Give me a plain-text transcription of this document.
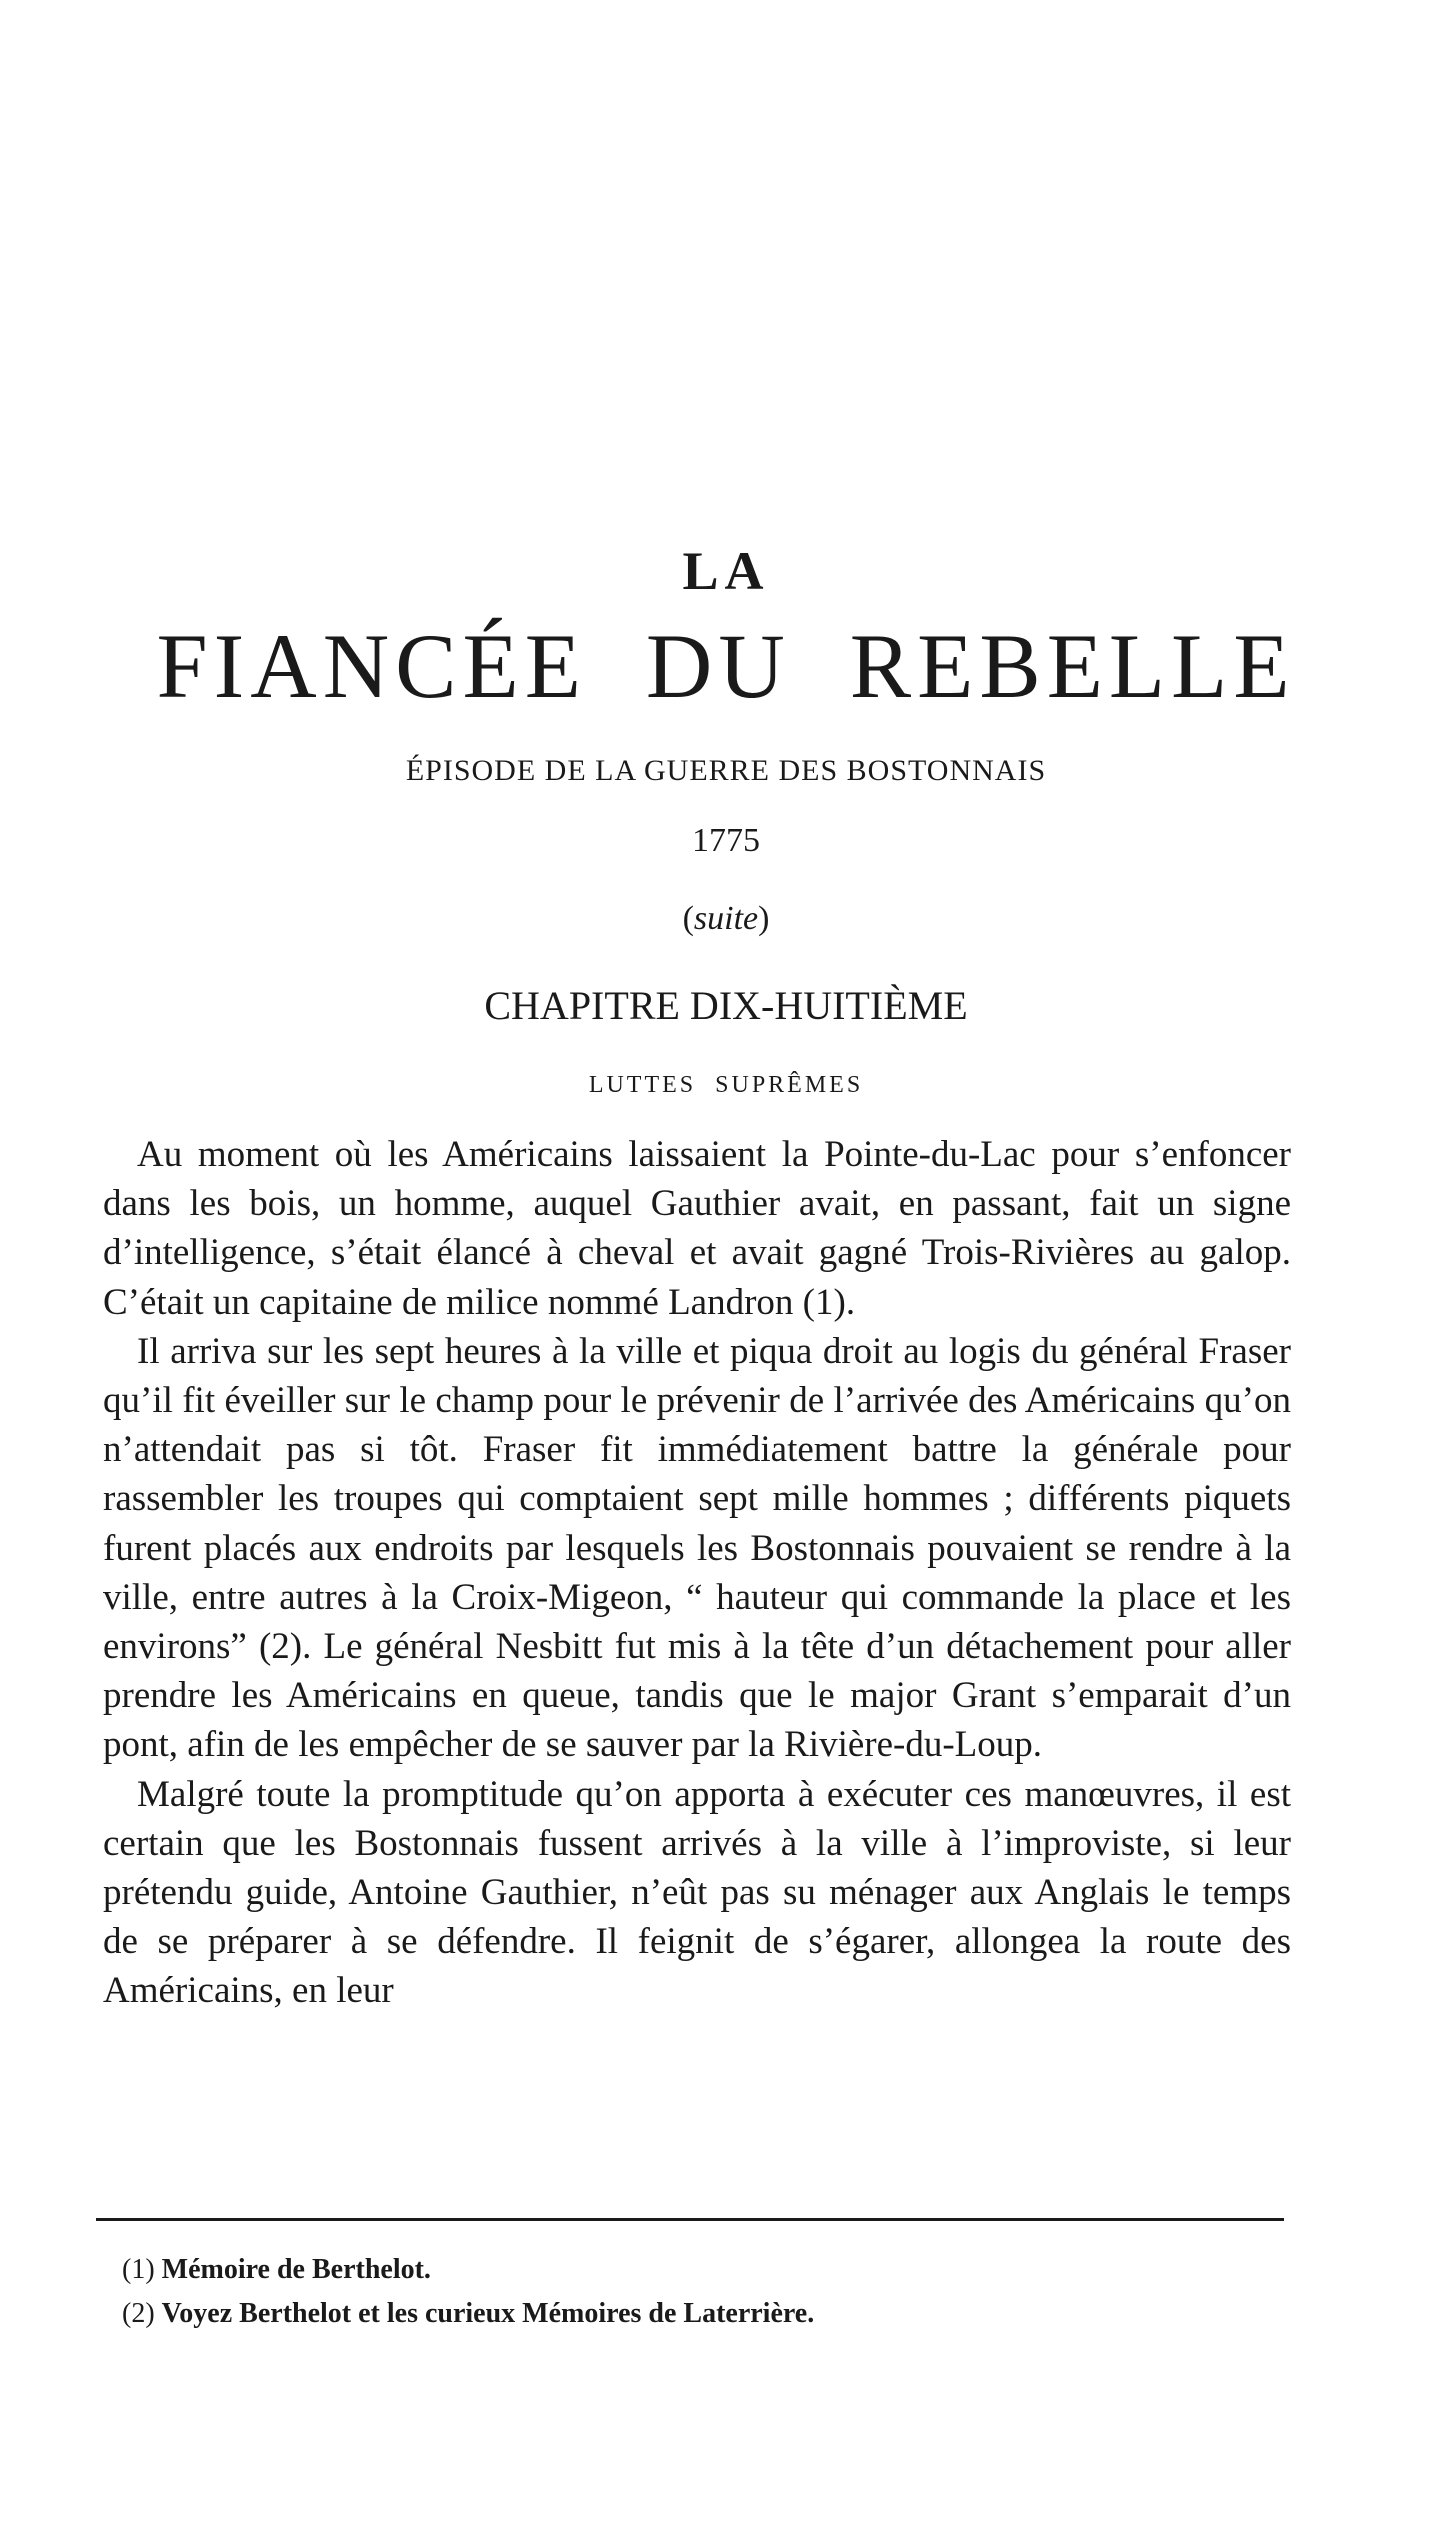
LA
FIANCÉE DU REBELLE
ÉPISODE DE LA GUERRE DES BOSTONNAIS
1775
(suite)
CHAPITRE DIX-HUITIÈME
LUTTES SUPRÊMES

Au moment où les Américains laissaient la Pointe-du-Lac pour s’enfoncer dans les bois, un homme, auquel Gauthier avait, en passant, fait un signe d’intelligence, s’était élancé à cheval et avait gagné Trois-Rivières au galop. C’était un capitaine de milice nommé Landron (1).

Il arriva sur les sept heures à la ville et piqua droit au logis du général Fraser qu’il fit éveiller sur le champ pour le prévenir de l’arrivée des Américains qu’on n’attendait pas si tôt. Fraser fit immédiatement battre la générale pour rassembler les troupes qui comptaient sept mille hommes ; différents piquets furent placés aux endroits par lesquels les Bostonnais pouvaient se rendre à la ville, entre autres à la Croix-Migeon, “ hauteur qui commande la place et les environs” (2). Le général Nesbitt fut mis à la tête d’un détachement pour aller prendre les Américains en queue, tandis que le major Grant s’emparait d’un pont, afin de les empêcher de se sauver par la Rivière-du-Loup.

Malgré toute la promptitude qu’on apporta à exécuter ces manœuvres, il est certain que les Bostonnais fussent arrivés à la ville à l’improviste, si leur prétendu guide, Antoine Gauthier, n’eût pas su ménager aux Anglais le temps de se préparer à se défendre. Il feignit de s’égarer, allongea la route des Américains, en leur

(1) Mémoire de Berthelot.
(2) Voyez Berthelot et les curieux Mémoires de Laterrière.
